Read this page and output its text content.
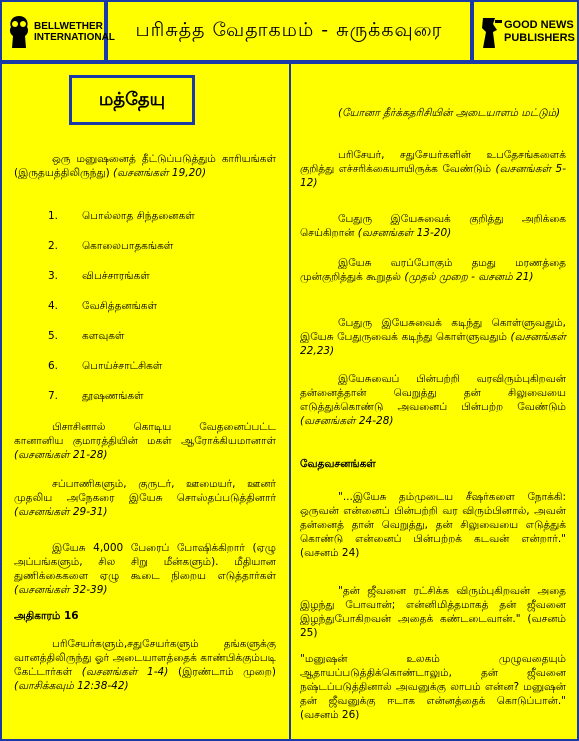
BELLWETHER
INTERNATIONAL	பரிசுத்த வேதாகமம் - சுருக்கவுரை	GOOD NEWS
PUBLISHERS
மத்தேயு
ஒரு மனுஷனைத் தீட்டுப்படுத்தும் காரியங்கள் (இருதயத்திலிருந்து) (வசனங்கள் 19,20)
1. பொல்லாத சிந்தனைகள்
2. கொலைபாதகங்கள்
3. விபச்சாரங்கள்
4. வேசித்தனங்கள்
5. களவுகள்
6. பொய்ச்சாட்சிகள்
7. தூஷணங்கள்
பிசாசினால் கொடிய வேதனைப்பட்ட கானானிய குமாரத்தியின் மகள் ஆரோக்கியமானாள் (வசனங்கள் 21-28)
சப்பாணிகளும், குருடர், ஊமையர், ஊனர் முதலிய அநேகரை இயேசு சொஸ்தப்படுத்தினார் (வசனங்கள் 29-31)
இயேசு 4,000 பேரைப் போஷிக்கிறார் (ஏழு அப்பங்களும், சில சிறு மீன்களும்). மீதியான துணிக்கைகளை ஏழு கூடை நிறைய எடுத்தார்கள் (வசனங்கள் 32-39)
அதிகாரம் 16
பரிசேயர்களும்,சதுசேயர்களும் தங்களுக்கு வானத்திலிருந்து ஓர் அடையாளத்தைக் காண்பிக்கும்படி கேட்டார்கள் (வசனங்கள் 1-4) (இரண்டாம் முறை) (வாசிக்கவும் 12:38-42)
(யோனா தீர்க்கதரிசியின் அடையாளம் மட்டும்)
பரிசேயர், சதுசேயர்களின் உபதேசங்களைக் குறித்து எச்சரிக்கையாயிருக்க வேண்டும் (வசனங்கள் 5-12)
பேதுரு இயேசுவைக் குறித்து அறிக்கை செய்கிறான் (வசனங்கள் 13-20)
இயேசு வரப்போகும் தமது மரணத்தை முன்குறித்துக் கூறுதல் (முதல் முறை - வசனம் 21)
பேதுரு இயேசுவைக் கடிந்து கொள்ளுவதும், இயேசு பேதுருவைக் கடிந்து கொள்ளுவதும் (வசனங்கள் 22,23)
இயேசுவைப் பின்பற்றி வரவிரும்புகிறவன் தன்னைத்தான் வெறுத்து தன் சிலுவையை எடுத்துக்கொண்டு அவனைப் பின்பற்ற வேண்டும் (வசனங்கள் 24-28)
வேதவசனங்கள்
"...இயேசு தம்முடைய சீஷர்களை நோக்கி: ஒருவன் என்னைப் பின்பற்றி வர விரும்பினால், அவன் தன்னைத் தான் வெறுத்து, தன் சிலுவையை எடுத்துக் கொண்டு என்னைப் பின்பற்றக் கடவன் என்றார்." (வசனம் 24)
"தன் ஜீவனை ரட்சிக்க விரும்புகிறவன் அதை இழந்து போவான்; என்னிமித்தமாகத் தன் ஜீவனை இழந்துபோகிறவன் அதைக் கண்டடைவான்." (வசனம் 25)
"மனுஷன் உலகம் முழுவதையும் ஆதாயப்படுத்திக்கொண்டாலும், தன் ஜீவனை நஷ்டப்படுத்தினால் அவனுக்கு லாபம் என்ன? மனுஷன் தன் ஜீவனுக்கு ஈடாக என்னத்தைக் கொடுப்பான்." (வசனம் 26)
